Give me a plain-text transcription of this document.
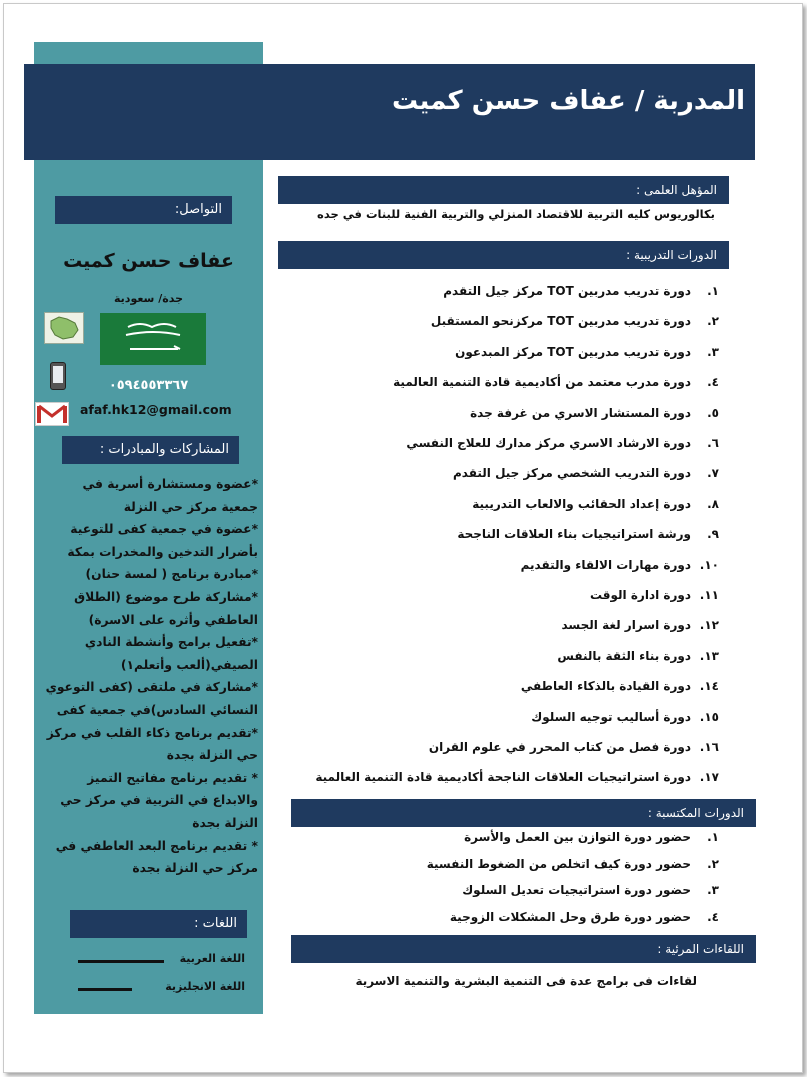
المدربة / عفاف حسن كميت
التواصل:
عفاف حسن كميت
جدة/ سعودية
٠٥٩٤٥٥٣٣٦٧
afaf.hk12@gmail.com
المشاركات والمبادرات :
*عضوة ومستشارة أسرية في
جمعية مركز حي النزلة
*عضوة في جمعية كفى للتوعية
بأضرار التدخين والمخدرات بمكة
*مبادرة برنامج ( لمسة حنان)
*مشاركة طرح موضوع (الطلاق
العاطفي وأثره على الاسرة)
*تفعيل برامج وأنشطة النادي
الصيفي(ألعب وأتعلم١)
*مشاركة في ملتقى (كفى التوعوي
النسائي السادس)في جمعية كفى
*تقديم برنامج ذكاء القلب في مركز
حي النزلة بجدة
* تقديم برنامج مفاتيح التميز
والابداع في التربية في مركز حي
النزلة بجدة
* تقديم برنامج البعد العاطفي في
مركز حي النزلة بجدة
اللغات :
اللغة العربية
اللغة الانجليزية
المؤهل العلمى :
بكالوريوس كليه التربية للاقتصاد المنزلي والتربية الفنية للبنات في جده
الدورات التدريبية :
١.دورة تدريب مدربين TOT مركز جيل التقدم
٢.دورة تدريب مدربين TOT مركزنحو المستقبل
٣.دورة تدريب مدربين TOT مركز المبدعون
٤.دورة مدرب معتمد من أكاديمية قادة التنمية العالمية
٥.دورة المستشار الاسري من غرفة جدة
٦.دورة الارشاد الاسري مركز مدارك للعلاج النفسي
٧.دورة التدريب الشخصي مركز جيل التقدم
٨.دورة إعداد الحقائب والالعاب التدريبية
٩.ورشة استراتيجيات بناء العلاقات الناجحة
١٠.دورة مهارات الالقاء والتقديم
١١.دورة ادارة الوقت
١٢.دورة اسرار لغة الجسد
١٣.دورة بناء الثقة بالنفس
١٤.دورة القيادة بالذكاء العاطفي
١٥.دورة أساليب توجيه السلوك
١٦.دورة فصل من كتاب المحرر في علوم القران
١٧.دورة استراتيجيات العلاقات الناجحة أكاديمية قادة التنمية العالمية
الدورات المكتسبة :
١.حضور دورة التوازن بين العمل والأسرة
٢.حضور دورة كيف اتخلص من الضغوط النفسية
٣.حضور دورة استراتيجيات تعديل السلوك
٤.حضور دورة طرق وحل المشكلات الزوجية
اللقاءات المرئية :
لقاءات فى برامج عدة فى التنمية البشرية والتنمية الاسرية
